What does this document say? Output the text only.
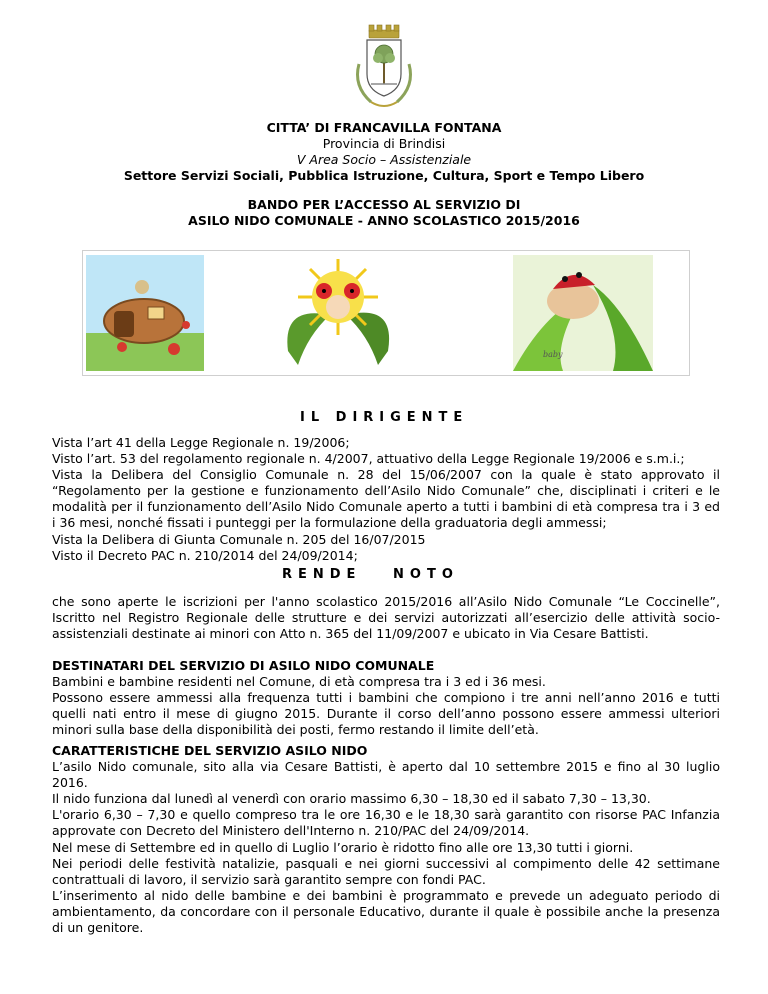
CITTA’ DI FRANCAVILLA FONTANA
Provincia di Brindisi
V Area Socio – Assistenziale
Settore Servizi Sociali, Pubblica Istruzione, Cultura, Sport e Tempo Libero
BANDO PER L’ACCESSO AL SERVIZIO DI
ASILO NIDO COMUNALE - ANNO SCOLASTICO 2015/2016
baby
IL DIRIGENTE

Vista l’art 41 della Legge Regionale n. 19/2006;

Visto l’art. 53 del regolamento regionale n. 4/2007, attuativo della Legge Regionale 19/2006 e s.m.i.;

Vista la Delibera del Consiglio Comunale n. 28 del 15/06/2007 con la quale è stato approvato il “Regolamento per la gestione e funzionamento dell’Asilo Nido Comunale” che, disciplinati i criteri e le modalità per il funzionamento dell’Asilo Nido Comunale aperto a tutti i bambini di età compresa tra i 3 ed i 36 mesi, nonché fissati i punteggi per la formulazione della graduatoria degli ammessi;

Vista la Delibera di Giunta Comunale n. 205 del 16/07/2015

Visto il Decreto PAC n. 210/2014 del 24/09/2014;

RENDE   NOTO
che sono aperte le iscrizioni per l'anno scolastico 2015/2016 all’Asilo Nido Comunale “Le Coccinelle”, Iscritto nel Registro Regionale delle strutture e dei servizi autorizzati all’esercizio delle attività socio-assistenziali destinate ai minori con Atto n. 365 del 11/09/2007 e ubicato in Via Cesare Battisti.

DESTINATARI DEL SERVIZIO DI ASILO NIDO COMUNALE

Bambini e bambine residenti nel Comune, di età compresa tra i 3 ed i 36 mesi.

Possono essere ammessi alla frequenza tutti i bambini che compiono i tre anni nell’anno 2016 e tutti quelli nati entro il mese di giugno 2015. Durante il corso dell’anno possono essere ammessi ulteriori minori sulla base della disponibilità dei posti, fermo restando il limite dell’età.

CARATTERISTICHE DEL SERVIZIO ASILO NIDO

L’asilo Nido comunale, sito alla via Cesare Battisti, è aperto dal 10 settembre 2015 e fino al 30 luglio 2016.

Il nido funziona dal lunedì al venerdì con orario massimo 6,30 – 18,30 ed il sabato 7,30 – 13,30.

L'orario 6,30 – 7,30 e quello compreso tra le ore 16,30 e le 18,30 sarà garantito con risorse PAC Infanzia approvate con Decreto del Ministero dell'Interno n. 210/PAC del 24/09/2014.

Nel mese di Settembre ed in quello di Luglio l’orario è ridotto fino alle ore 13,30 tutti i giorni.

Nei periodi delle festività natalizie, pasquali e nei giorni successivi al compimento delle 42 settimane contrattuali di lavoro, il servizio sarà garantito sempre con fondi PAC.

L’inserimento al nido delle bambine e dei bambini è programmato e prevede un adeguato periodo di ambientamento, da concordare con il personale Educativo, durante il quale è possibile anche la presenza di un genitore.
